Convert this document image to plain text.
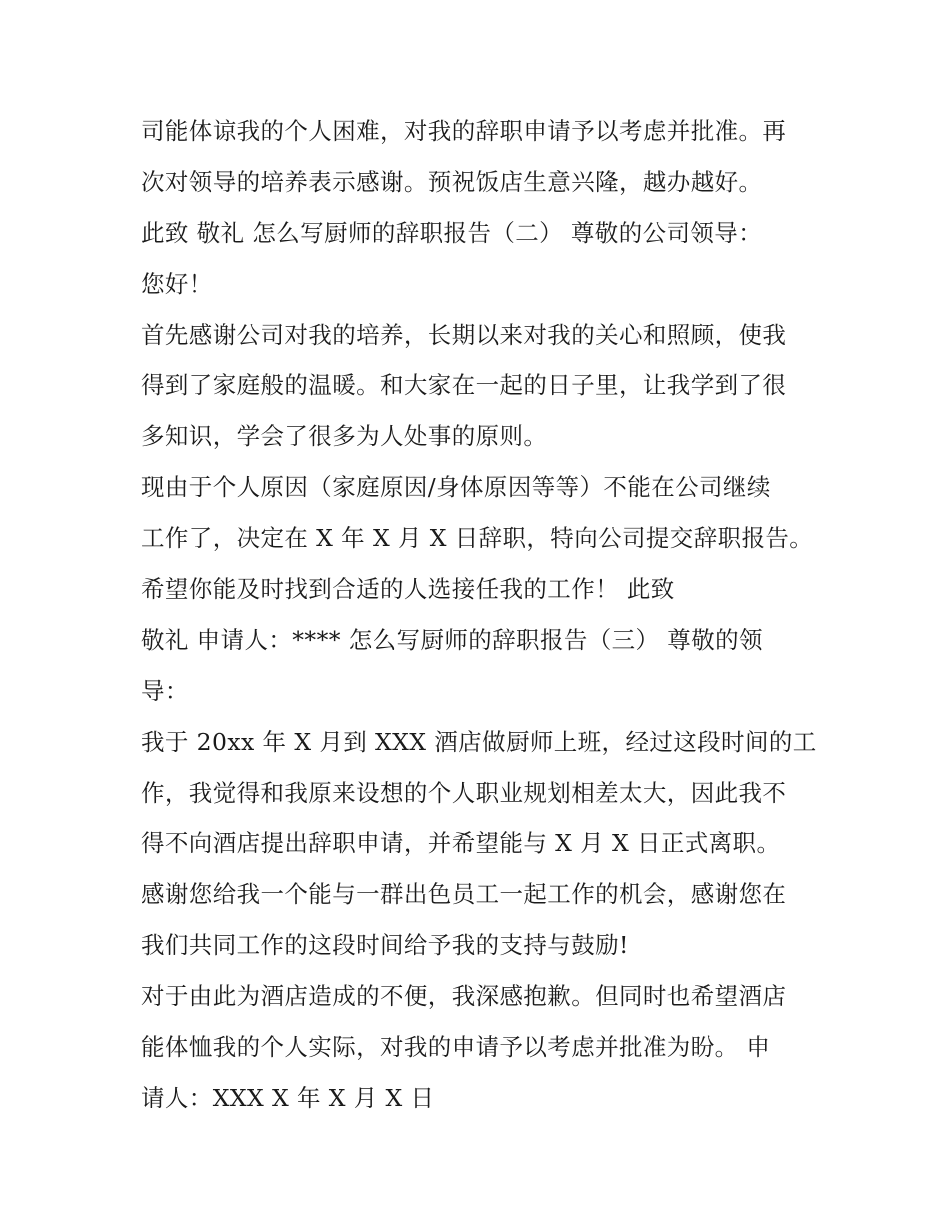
司能体谅我的个人困难，对我的辞职申请予以考虑并批准。再
次对领导的培养表示感谢。预祝饭店生意兴隆，越办越好。
此致 敬礼 怎么写厨师的辞职报告（二） 尊敬的公司领导：
您好！
首先感谢公司对我的培养，长期以来对我的关心和照顾，使我
得到了家庭般的温暖。和大家在一起的日子里，让我学到了很
多知识，学会了很多为人处事的原则。
现由于个人原因（家庭原因/身体原因等等）不能在公司继续
工作了，决定在 X 年 X 月 X 日辞职，特向公司提交辞职报告。
希望你能及时找到合适的人选接任我的工作！ 此致
敬礼 申请人：**** 怎么写厨师的辞职报告（三） 尊敬的领
导：
我于 20xx 年 X 月到 XXX 酒店做厨师上班，经过这段时间的工
作，我觉得和我原来设想的个人职业规划相差太大，因此我不
得不向酒店提出辞职申请，并希望能与 X 月 X 日正式离职。
感谢您给我一个能与一群出色员工一起工作的机会，感谢您在
我们共同工作的这段时间给予我的支持与鼓励!
对于由此为酒店造成的不便，我深感抱歉。但同时也希望酒店
能体恤我的个人实际，对我的申请予以考虑并批准为盼。 申
请人：XXX X 年 X 月 X 日
